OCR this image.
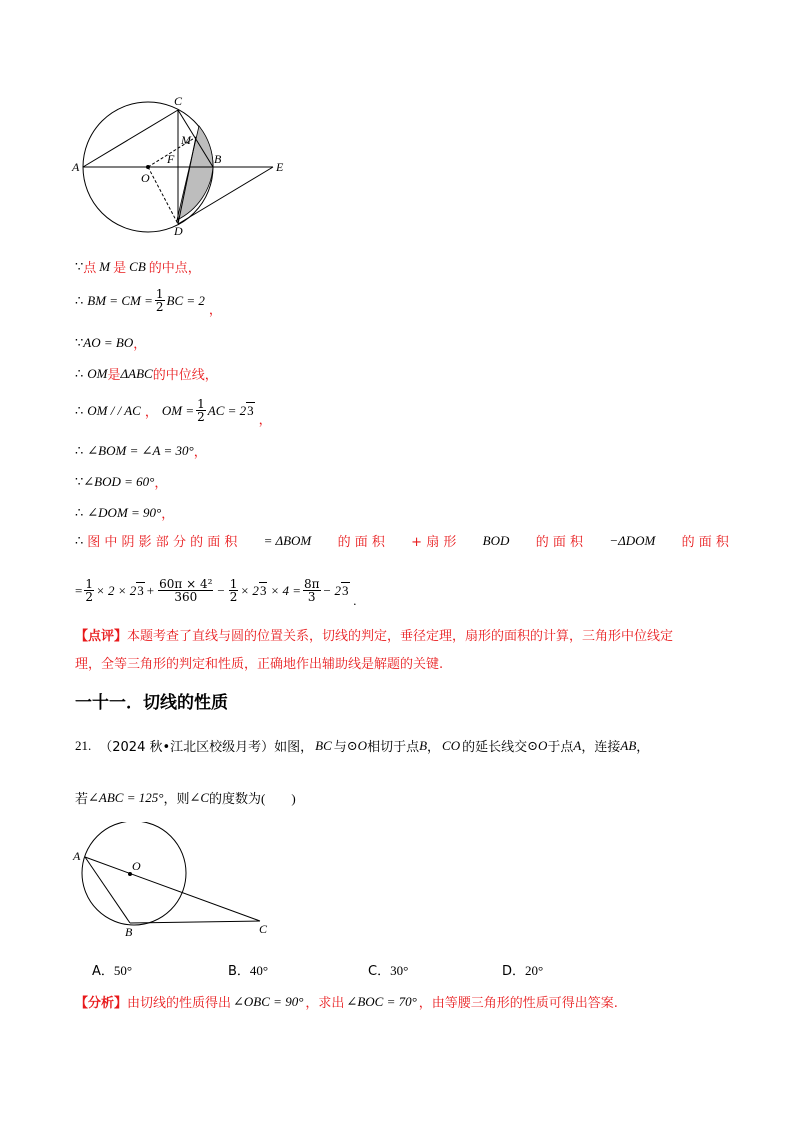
A
C
M
F	B
E
O
D
∵ 点 M 是 CB 的中点，
∴ BM = CM = $\frac{1}{2}$ BC = 2
，
∵ AO = BO ，
∴ OM 是 ΔABC 的中位线，
∴ OM / / AC ， OM = $\frac{1}{2}$ AC = 2 3
，
∴ ∠BOM = ∠A = 30° ，
∵ ∠BOD = 60° ，
∴ ∠DOM = 90° ，
∴ 图 中 阴 影 部 分 的 面 积 = ΔBOM 的 面 积 + 扇 形 BOD 的 面 积 −ΔDOM 的 面 积
= $\frac{1}{2} \times 2 \times 2$ $3 + \frac{\text{60π × 4²}}{360} - \frac{1}{2} \times 2$ $3 \times 4 = \frac{8\pi}{3} - 2$ 3
.
【点评】本题考查了直线与圆的位置关系，切线的判定，垂径定理，扇形的面积的计算，三角形中位线定
理，全等三角形的判定和性质，正确地作出辅助线是解题的关键.
一十一．切线的性质
21. （2024 秋•江北区校级月考）如图， BC 与 ⊙O 相切于点 B ， CO 的延长线交 ⊙O 于点 A ，连接 AB ，
若 ∠ABC = 125° ，则 ∠C 的度数为 (　　)
A
O
B	C
A．50°	B．40°	C．30°	D．20°
【分析】 由切线的性质得出 ∠OBC = 90° ，求出 ∠BOC = 70° ，由等腰三角形的性质可得出答案.
